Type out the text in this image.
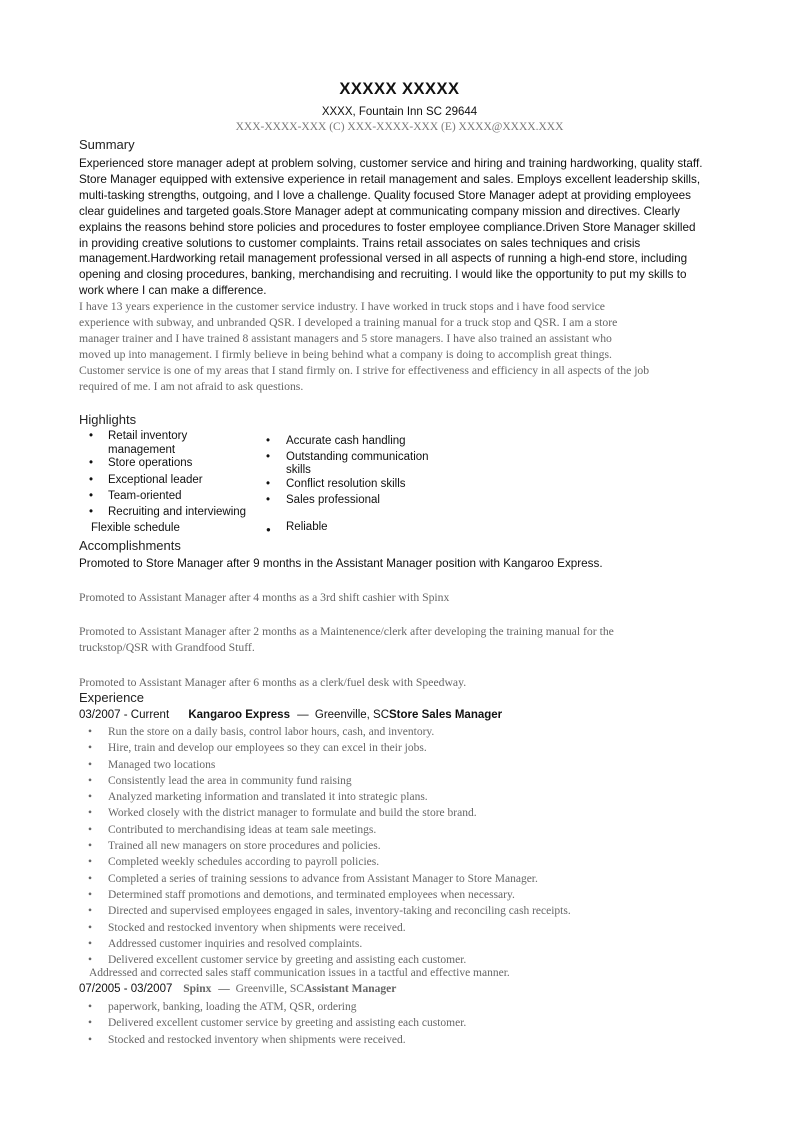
XXXXX XXXXX
XXXX, Fountain Inn SC 29644
XXX-XXXX-XXX (C) XXX-XXXX-XXX (E) XXXX@XXXX.XXX
Summary
Experienced store manager adept at problem solving, customer service and hiring and training hardworking, quality staff.
Store Manager equipped with extensive experience in retail management and sales. Employs excellent leadership skills,
multi-tasking strengths, outgoing, and I love a challenge. Quality focused Store Manager adept at providing employees
clear guidelines and targeted goals.Store Manager adept at communicating company mission and directives. Clearly
explains the reasons behind store policies and procedures to foster employee compliance.Driven Store Manager skilled
in providing creative solutions to customer complaints. Trains retail associates on sales techniques and crisis
management.Hardworking retail management professional versed in all aspects of running a high-end store, including
opening and closing procedures, banking, merchandising and recruiting. I would like the opportunity to put my skills to
work where I can make a difference.
I have 13 years experience in the customer service industry. I have worked in truck stops and i have food service
experience with subway, and unbranded QSR. I developed a training manual for a truck stop and QSR. I am a store
manager trainer and I have trained 8 assistant managers and 5 store managers. I have also trained an assistant who
moved up into management. I firmly believe in being behind what a company is doing to accomplish great things.
Customer service is one of my areas that I stand firmly on. I strive for effectiveness and efficiency in all aspects of the job
required of me. I am not afraid to ask questions.
Highlights
• Retail inventory
management
• Store operations
• Exceptional leader
• Team-oriented
• Recruiting and interviewing
Flexible schedule
• Accurate cash handling
• Outstanding communication
skills
• Conflict resolution skills
• Sales professional
● Reliable
Accomplishments
Promoted to Store Manager after 9 months in the Assistant Manager position with Kangaroo Express.
Promoted to Assistant Manager after 4 months as a 3rd shift cashier with Spinx
Promoted to Assistant Manager after 2 months as a Maintenence/clerk after developing the training manual for the
truckstop/QSR with Grandfood Stuff.
Promoted to Assistant Manager after 6 months as a clerk/fuel desk with Speedway.
Experience
03/2007 - Current Kangaroo Express — Greenville, SCStore Sales Manager
• Run the store on a daily basis, control labor hours, cash, and inventory.
• Hire, train and develop our employees so they can excel in their jobs.
• Managed two locations
• Consistently lead the area in community fund raising
• Analyzed marketing information and translated it into strategic plans.
• Worked closely with the district manager to formulate and build the store brand.
• Contributed to merchandising ideas at team sale meetings.
• Trained all new managers on store procedures and policies.
• Completed weekly schedules according to payroll policies.
• Completed a series of training sessions to advance from Assistant Manager to Store Manager.
• Determined staff promotions and demotions, and terminated employees when necessary.
• Directed and supervised employees engaged in sales, inventory-taking and reconciling cash receipts.
• Stocked and restocked inventory when shipments were received.
• Addressed customer inquiries and resolved complaints.
• Delivered excellent customer service by greeting and assisting each customer.
Addressed and corrected sales staff communication issues in a tactful and effective manner.
07/2005 - 03/2007 Spinx — Greenville, SCAssistant Manager
• paperwork, banking, loading the ATM, QSR, ordering
• Delivered excellent customer service by greeting and assisting each customer.
• Stocked and restocked inventory when shipments were received.
